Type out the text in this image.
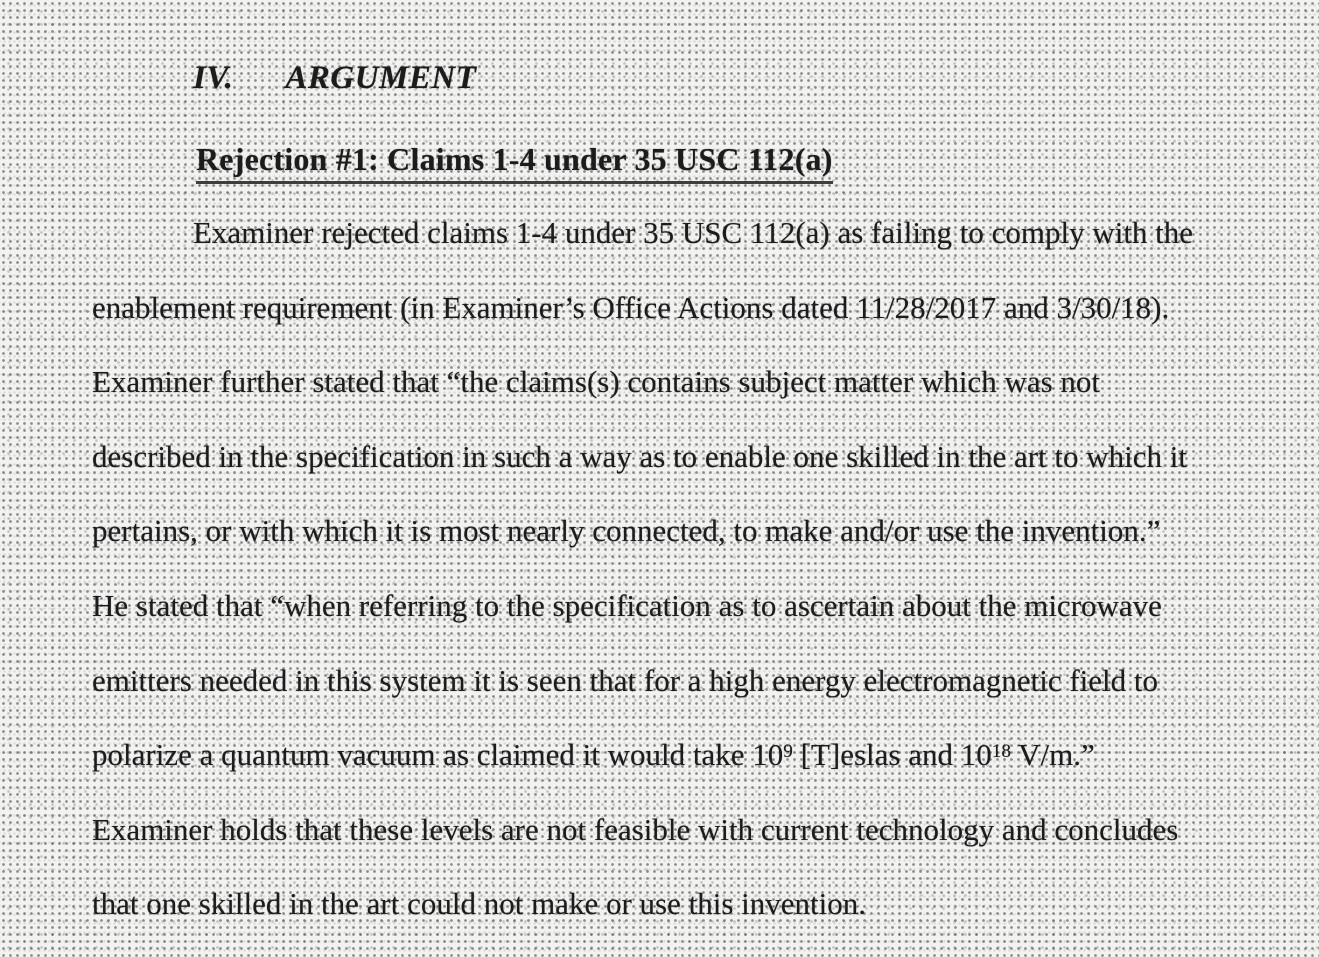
IV. ARGUMENT
Rejection #1: Claims 1-4 under 35 USC 112(a)
Examiner rejected claims 1-4 under 35 USC 112(a) as failing to comply with the
enablement requirement (in Examiner’s Office Actions dated 11/28/2017 and 3/30/18).
Examiner further stated that “the claims(s) contains subject matter which was not
described in the specification in such a way as to enable one skilled in the art to which it
pertains, or with which it is most nearly connected, to make and/or use the invention.”
He stated that “when referring to the specification as to ascertain about the microwave
emitters needed in this system it is seen that for a high energy electromagnetic field to
polarize a quantum vacuum as claimed it would take $10^9$ [T]eslas and $10^{18}$ V/m.”
Examiner holds that these levels are not feasible with current technology and concludes
that one skilled in the art could not make or use this invention.
